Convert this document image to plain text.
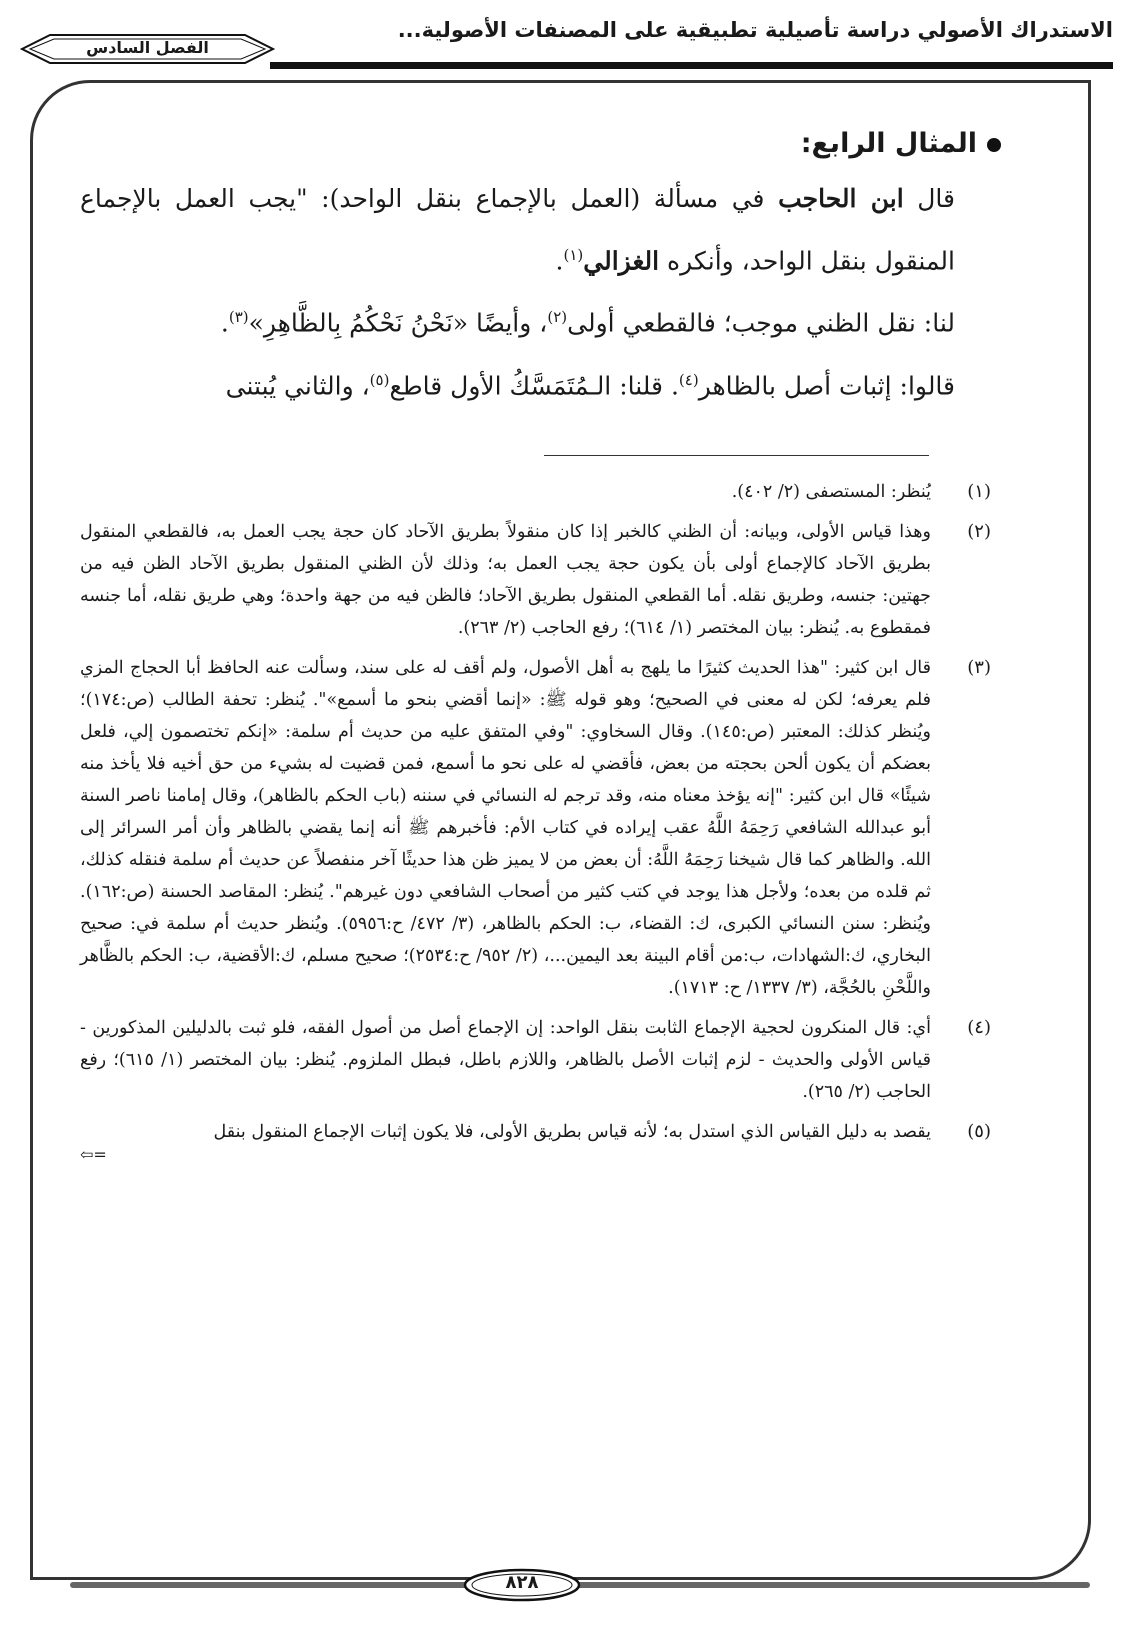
الاستدراك الأصولي دراسة تأصيلية تطبيقية على المصنفات الأصولية...
الفصل السادس
المثال الرابع:

قال ابن الحاجب في مسألة (العمل بالإجماع بنقل الواحد): "يجب العمل بالإجماع المنقول بنقل الواحد، وأنكره الغزالي$^{(١)}$.

لنا: نقل الظني موجب؛ فالقطعي أولى$^{(٢)}$، وأيضًا «نَحْنُ نَحْكُمُ بِالظَّاهِرِ»$^{(٣)}$.

قالوا: إثبات أصل بالظاهر$^{(٤)}$. قلنا: الـمُتَمَسَّكُ الأول قاطع$^{(٥)}$، والثاني يُبتنى

(١)
يُنظر: المستصفى (٢/ ٤٠٢).
(٢)
وهذا قياس الأولى، وبيانه: أن الظني كالخبر إذا كان منقولاً بطريق الآحاد كان حجة يجب العمل به، فالقطعي المنقول بطريق الآحاد كالإجماع أولى بأن يكون حجة يجب العمل به؛ وذلك لأن الظني المنقول بطريق الآحاد الظن فيه من جهتين: جنسه، وطريق نقله. أما القطعي المنقول بطريق الآحاد؛ فالظن فيه من جهة واحدة؛ وهي طريق نقله، أما جنسه فمقطوع به. يُنظر: بيان المختصر (١/ ٦١٤)؛ رفع الحاجب (٢/ ٢٦٣).
(٣)
قال ابن كثير: "هذا الحديث كثيرًا ما يلهج به أهل الأصول، ولم أقف له على سند، وسألت عنه الحافظ أبا الحجاج المزي فلم يعرفه؛ لكن له معنى في الصحيح؛ وهو قوله ﷺ: «إنما أقضي بنحو ما أسمع»". يُنظر: تحفة الطالب (ص:١٧٤)؛ ويُنظر كذلك: المعتبر (ص:١٤٥). وقال السخاوي: "وفي المتفق عليه من حديث أم سلمة: «إنكم تختصمون إلي، فلعل بعضكم أن يكون ألحن بحجته من بعض، فأقضي له على نحو ما أسمع، فمن قضيت له بشيء من حق أخيه فلا يأخذ منه شيئًا» قال ابن كثير: "إنه يؤخذ معناه منه، وقد ترجم له النسائي في سننه (باب الحكم بالظاهر)، وقال إمامنا ناصر السنة أبو عبدالله الشافعي رَحِمَهُ اللَّهُ عقب إيراده في كتاب الأم: فأخبرهم ﷺ أنه إنما يقضي بالظاهر وأن أمر السرائر إلى الله. والظاهر كما قال شيخنا رَحِمَهُ اللَّهُ: أن بعض من لا يميز ظن هذا حديثًا آخر منفصلاً عن حديث أم سلمة فنقله كذلك، ثم قلده من بعده؛ ولأجل هذا يوجد في كتب كثير من أصحاب الشافعي دون غيرهم". يُنظر: المقاصد الحسنة (ص:١٦٢). ويُنظر: سنن النسائي الكبرى، ك: القضاء، ب: الحكم بالظاهر، (٣/ ٤٧٢/ ح:٥٩٥٦). ويُنظر حديث أم سلمة في: صحيح البخاري، ك:الشهادات، ب:من أقام البينة بعد اليمين...، (٢/ ٩٥٢/ ح:٢٥٣٤)؛ صحيح مسلم، ك:الأقضية، ب: الحكم بالظَّاهر واللَّحْنِ بالحُجَّة، (٣/ ١٣٣٧/ ح: ١٧١٣).
(٤)
أي: قال المنكرون لحجية الإجماع الثابت بنقل الواحد: إن الإجماع أصل من أصول الفقه، فلو ثبت بالدليلين المذكورين - قياس الأولى والحديث - لزم إثبات الأصل بالظاهر، واللازم باطل، فبطل الملزوم. يُنظر: بيان المختصر (١/ ٦١٥)؛ رفع الحاجب (٢/ ٢٦٥).
(٥)
يقصد به دليل القياس الذي استدل به؛ لأنه قياس بطريق الأولى، فلا يكون إثبات الإجماع المنقول بنقل
=⇦
٨٢٨
